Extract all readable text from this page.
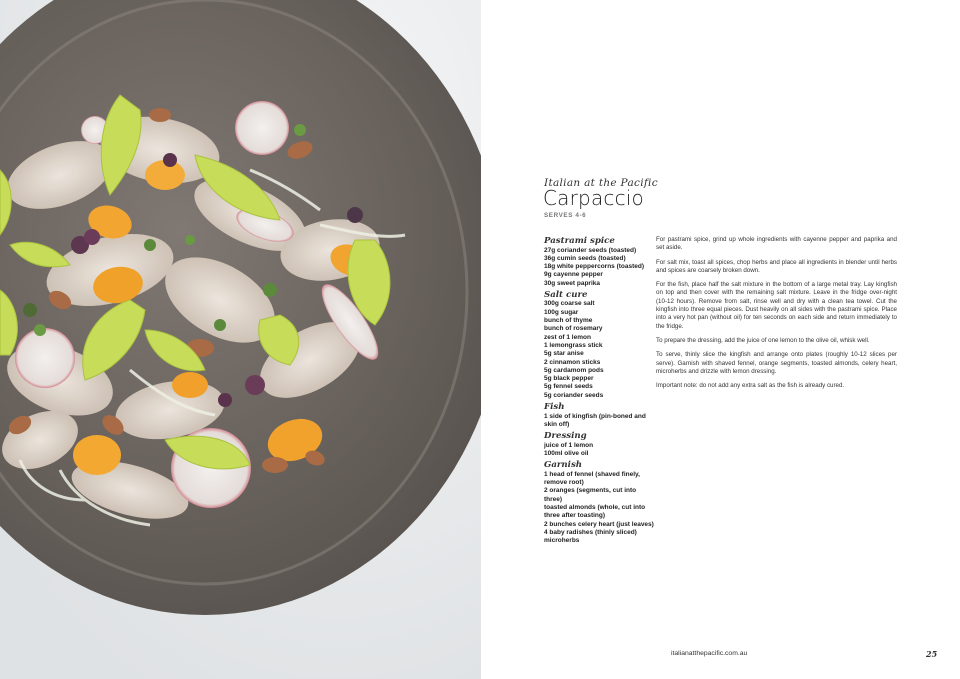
Italian at the Pacific
Carpaccio
SERVES 4-6
Pastrami spice
27g coriander seeds (toasted)
36g cumin seeds (toasted)
18g white peppercorns (toasted)
9g cayenne pepper
30g sweet paprika
Salt cure
300g coarse salt
100g sugar
bunch of thyme
bunch of rosemary
zest of 1 lemon
1 lemongrass stick
5g star anise
2 cinnamon sticks
5g cardamom pods
5g black pepper
5g fennel seeds
5g coriander seeds
Fish
1 side of kingfish (pin-boned and skin off)
Dressing
juice of 1 lemon
100ml olive oil
Garnish
1 head of fennel (shaved finely, remove root)
2 oranges (segments, cut into three)
toasted almonds (whole, cut into three after toasting)
2 bunches celery heart (just leaves)
4 baby radishes (thinly sliced)
microherbs

For pastrami spice, grind up whole ingredients with cayenne pepper and paprika and set aside.

For salt mix, toast all spices, chop herbs and place all ingredients in blender until herbs and spices are coarsely broken down.

For the fish, place half the salt mixture in the bottom of a large metal tray. Lay kingfish on top and then cover with the remaining salt mixture. Leave in the fridge over-night (10-12 hours). Remove from salt, rinse well and dry with a clean tea towel. Cut the kingfish into three equal pieces. Dust heavily on all sides with the pastrami spice. Place into a very hot pan (without oil) for ten seconds on each side and return immediately to the fridge.

To prepare the dressing, add the juice of one lemon to the olive oil, whisk well.

To serve, thinly slice the kingfish and arrange onto plates (roughly 10-12 slices per serve). Garnish with shaved fennel, orange segments, toasted almonds, celery heart, microherbs and drizzle with lemon dressing.

Important note: do not add any extra salt as the fish is already cured.

italianatthepacific.com.au	25
